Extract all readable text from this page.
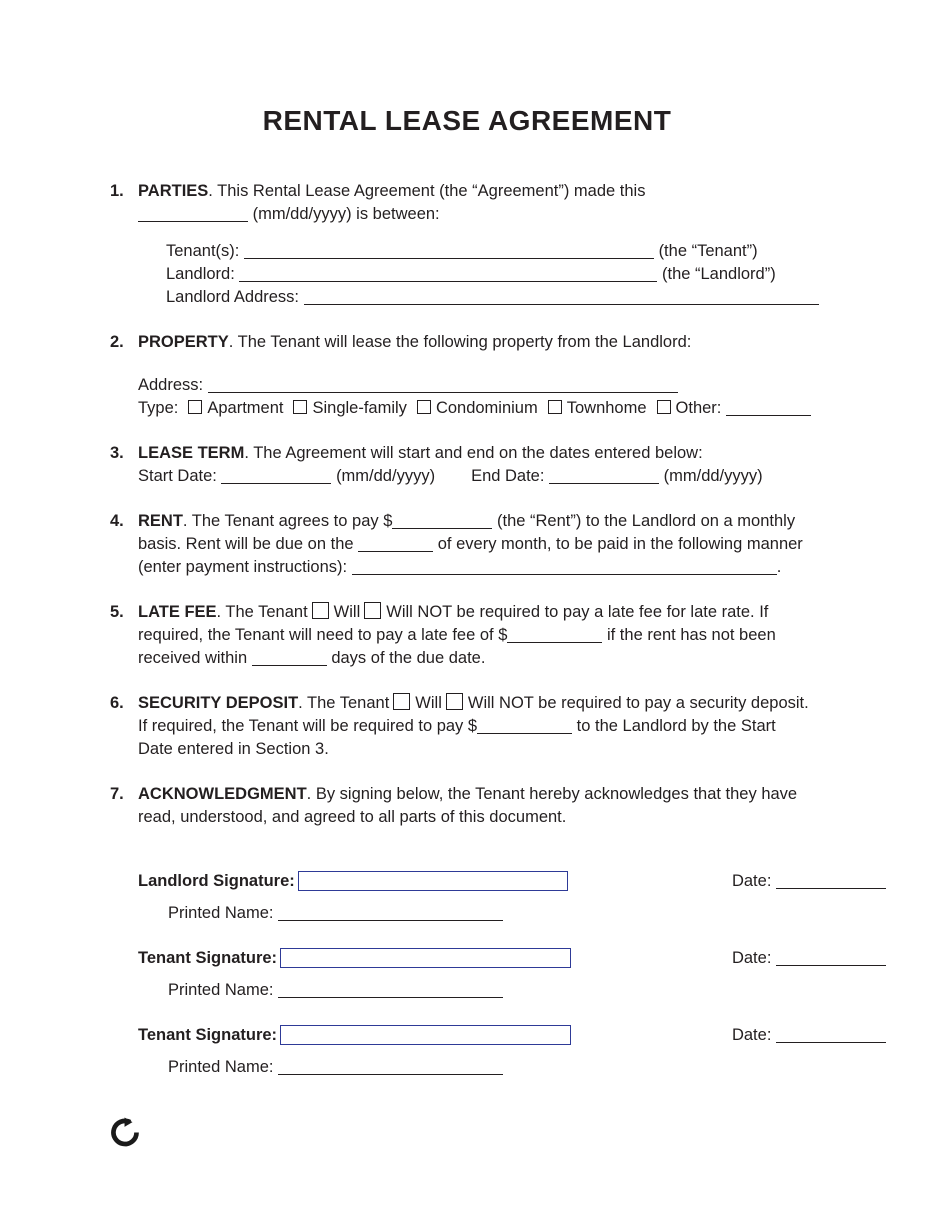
RENTAL LEASE AGREEMENT
1. PARTIES. This Rental Lease Agreement (the “Agreement”) made this
(mm/dd/yyyy) is between:
Tenant(s):	(the “Tenant”)
Landlord:	(the “Landlord”)
Landlord Address:
2. PROPERTY. The Tenant will lease the following property from the Landlord:
Address:
Type: Apartment Single-family Condominium Townhome Other:
3. LEASE TERM. The Agreement will start and end on the dates entered below:
Start Date:	(mm/dd/yyyy) End Date:	(mm/dd/yyyy)
4. RENT. The Tenant agrees to pay $	(the “Rent”) to the Landlord on a monthly
basis. Rent will be due on the	of every month, to be paid in the following manner
(enter payment instructions):	.
5. LATE FEE. The Tenant Will Will NOT be required to pay a late fee for late rate. If
required, the Tenant will need to pay a late fee of $	if the rent has not been
received within	days of the due date.
6. SECURITY DEPOSIT. The Tenant Will Will NOT be required to pay a security deposit.
If required, the Tenant will be required to pay $	to the Landlord by the Start
Date entered in Section 3.
7. ACKNOWLEDGMENT. By signing below, the Tenant hereby acknowledges that they have
read, understood, and agreed to all parts of this document.
Landlord Signature:	Date:
Printed Name:
Tenant Signature:	Date:
Printed Name:
Tenant Signature:	Date:
Printed Name:
